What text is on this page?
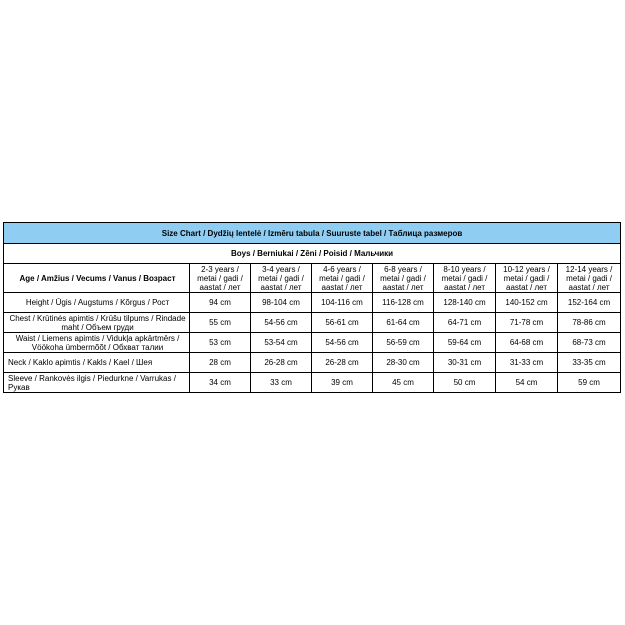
Size Chart / Dydžių lentelė / Izmēru tabula / Suuruste tabel / Таблица размеров							
Boys / Berniukai / Zēni / Poisid / Мальчики							
Age / Amžius / Vecums / Vanus / Возраст	2-3 years / metai / gadi / aastat / лет	3-4 years / metai / gadi / aastat / лет	4-6 years / metai / gadi / aastat / лет	6-8 years / metai / gadi / aastat / лет	8-10 years / metai / gadi / aastat / лет	10-12 years / metai / gadi / aastat / лет	12-14 years / metai / gadi / aastat / лет
Height / Ūgis / Augstums / Kõrgus / Рост	94 cm	98-104 cm	104-116 cm	116-128 cm	128-140 cm	140-152 cm	152-164 cm
Chest / Krūtinės apimtis / Krūšu tilpums / Rindade maht / Объем груди	55 cm	54-56 cm	56-61 cm	61-64 cm	64-71 cm	71-78 cm	78-86 cm
Waist / Liemens apimtis / Vidukļa apkārtmērs / Vöökoha ümbermõõt / Обхват талии	53 cm	53-54 cm	54-56 cm	56-59 cm	59-64 cm	64-68 cm	68-73 cm
Neck / Kaklo apimtis / Kakls / Kael / Шея	28 cm	26-28 cm	26-28 cm	28-30 cm	30-31 cm	31-33 cm	33-35 cm
Sleeve / Rankovės ilgis / Piedurkne / Varrukas / Рукав	34 cm	33 cm	39 cm	45 cm	50 cm	54 cm	59 cm
